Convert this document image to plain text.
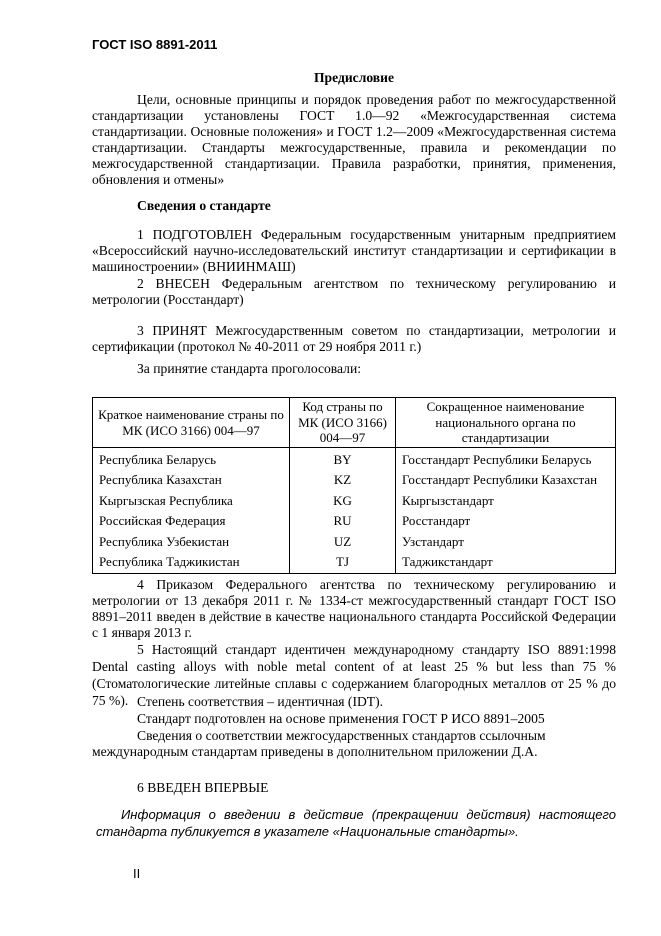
ГОСТ ISO 8891-2011
Предисловие
Цели, основные принципы и порядок проведения работ по межгосударственной стандартизации установлены ГОСТ 1.0—92 «Межгосударственная система стандартизации. Основные положения» и ГОСТ 1.2—2009 «Межгосударственная система стандартизации. Стандарты межгосударственные, правила и рекомендации по межгосударственной стандартизации. Правила разработки, принятия, применения, обновления и отмены»
Сведения о стандарте
1 ПОДГОТОВЛЕН Федеральным государственным унитарным предприятием «Всероссийский научно-исследовательский институт стандартизации и сертификации в машиностроении» (ВНИИНМАШ)
2 ВНЕСЕН Федеральным агентством по техническому регулированию и метрологии (Росстандарт)
3 ПРИНЯТ Межгосударственным советом по стандартизации, метрологии и сертификации (протокол № 40-2011 от 29 ноября 2011 г.)
За принятие стандарта проголосовали:
Краткое наименование страны по МК (ИСО 3166) 004—97	Код страны по МК (ИСО 3166) 004—97	Сокращенное наименование национального органа по стандартизации
Республика Беларусь	BY	Госстандарт Республики Беларусь
Республика Казахстан	KZ	Госстандарт Республики Казахстан
Кыргызская Республика	KG	Кыргызстандарт
Российская Федерация	RU	Росстандарт
Республика Узбекистан	UZ	Узстандарт
Республика Таджикистан	TJ	Таджикстандарт
4 Приказом Федерального агентства по техническому регулированию и метрологии от 13 декабря 2011 г. № 1334-ст межгосударственный стандарт ГОСТ ISO 8891–2011 введен в действие в качестве национального стандарта Российской Федерации с 1 января 2013 г.
5 Настоящий стандарт идентичен международному стандарту ISO 8891:1998 Dental casting alloys with noble metal content of at least 25 % but less than 75 % (Стоматологические литейные сплавы с содержанием благородных металлов от 25 % до 75 %). Степень соответствия – идентичная (IDT).
Стандарт подготовлен на основе применения ГОСТ Р ИСО 8891–2005
Сведения о соответствии межгосударственных стандартов ссылочным международным стандартам приведены в дополнительном приложении Д.А.
6 ВВЕДЕН ВПЕРВЫЕ
Информация о введении в действие (прекращении действия) настоящего стандарта публикуется в указателе «Национальные стандарты».
II
